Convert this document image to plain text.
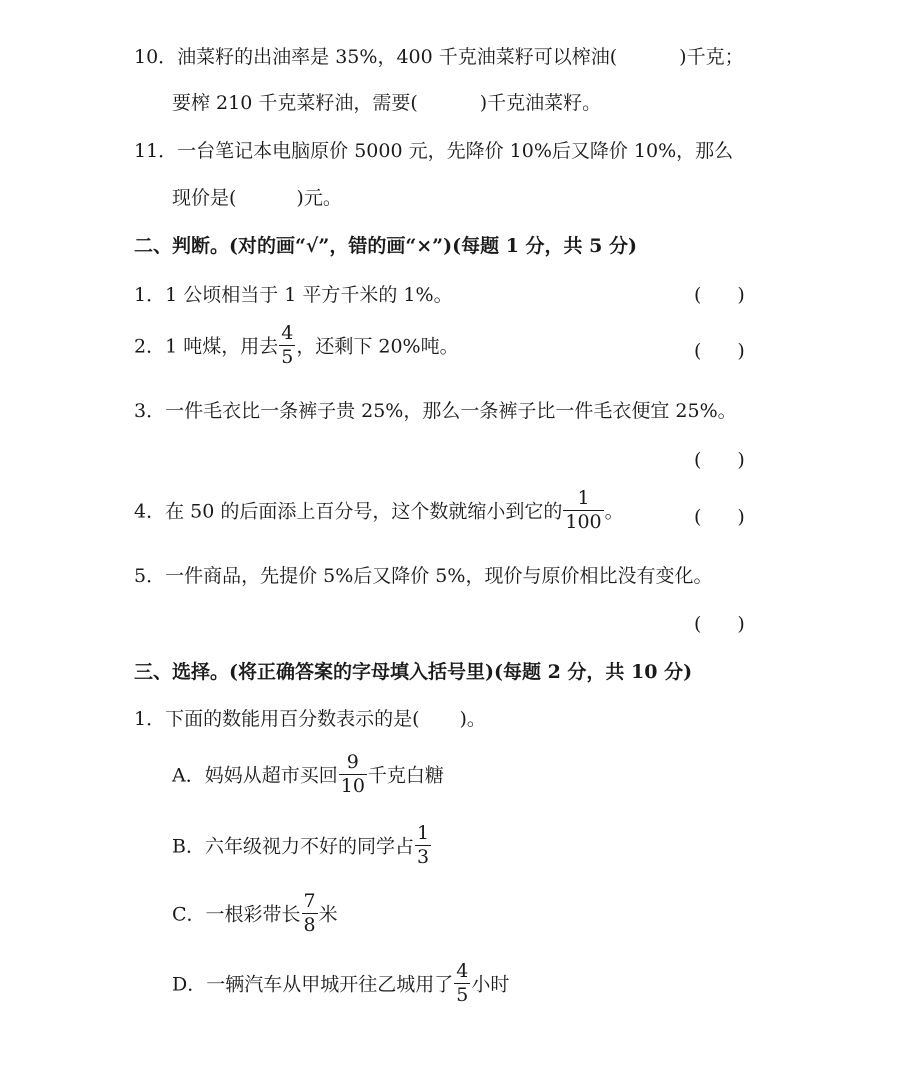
10．油菜籽的出油率是 35%，400 千克油菜籽可以榨油(	)千克；
要榨 210 千克菜籽油，需要(	)千克油菜籽。
11．一台笔记本电脑原价 5000 元，先降价 10%后又降价 10%，那么
现价是(	)元。
二、判断。(对的画“√”，错的画“×”)(每题 1 分，共 5 分)
1．1 公顷相当于 1 平方千米的 1%。	( )
2．1 吨煤，用去 $\frac{4}{5}$ ，还剩下 20%吨。	( )
3．一件毛衣比一条裤子贵 25%，那么一条裤子比一件毛衣便宜 25%。
( )
4．在 50 的后面添上百分号，这个数就缩小到它的 $\frac{1}{100}$ 。	( )
5．一件商品，先提价 5%后又降价 5%，现价与原价相比没有变化。
( )
三、选择。(将正确答案的字母填入括号里)(每题 2 分，共 10 分)
1．下面的数能用百分数表示的是( )。
A．妈妈从超市买回 $\frac{9}{10}$ 千克白糖
B．六年级视力不好的同学占 $\frac{1}{3}$
C．一根彩带长 $\frac{7}{8}$ 米
D．一辆汽车从甲城开往乙城用了 $\frac{4}{5}$ 小时
